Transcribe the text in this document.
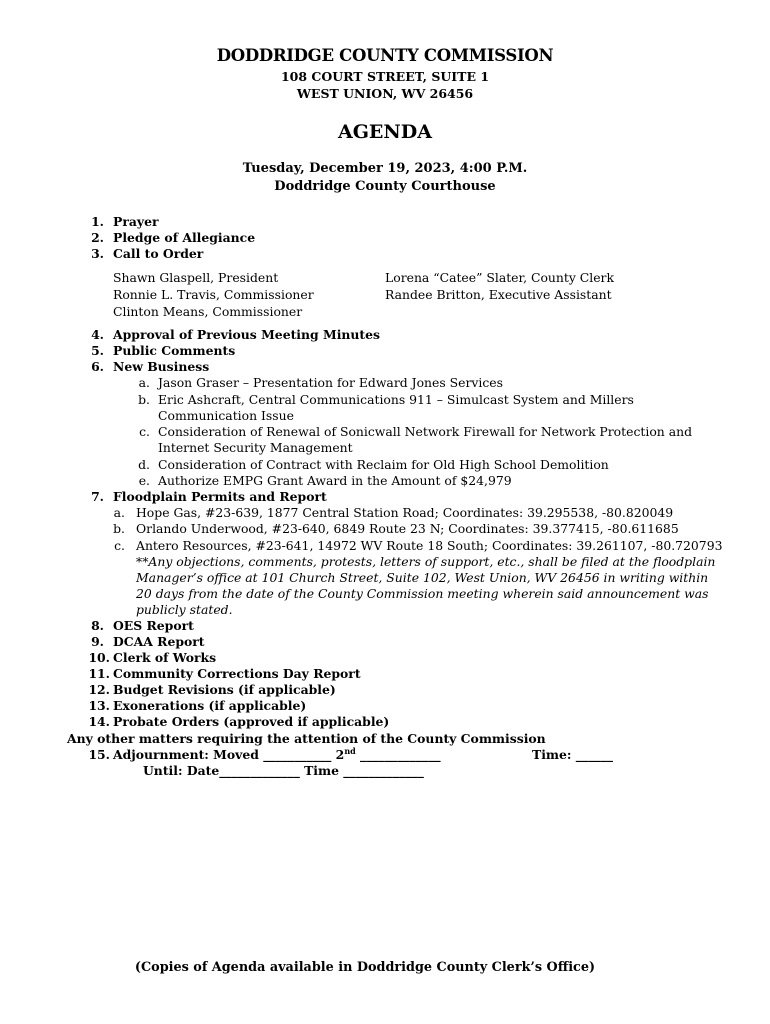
DODDRIDGE COUNTY COMMISSION
108 COURT STREET, SUITE 1
WEST UNION, WV 26456
AGENDA
Tuesday, December 19, 2023, 4:00 P.M.
Doddridge County Courthouse
1. Prayer
2. Pledge of Allegiance
3. Call to Order
Shawn Glaspell, President
Ronnie L. Travis, Commissioner
Clinton Means, Commissioner
Lorena “Catee” Slater, County Clerk
Randee Britton, Executive Assistant
4. Approval of Previous Meeting Minutes
5. Public Comments
6. New Business
a. Jason Graser – Presentation for Edward Jones Services
b. Eric Ashcraft, Central Communications 911 – Simulcast System and Millers
Communication Issue
c. Consideration of Renewal of Sonicwall Network Firewall for Network Protection and
Internet Security Management
d. Consideration of Contract with Reclaim for Old High School Demolition
e. Authorize EMPG Grant Award in the Amount of $24,979
7. Floodplain Permits and Report
a. Hope Gas, #23-639, 1877 Central Station Road; Coordinates: 39.295538, -80.820049
b. Orlando Underwood, #23-640, 6849 Route 23 N; Coordinates: 39.377415, -80.611685
c. Antero Resources, #23-641, 14972 WV Route 18 South; Coordinates: 39.261107, -80.720793
**Any objections, comments, protests, letters of support, etc., shall be filed at the floodplain
Manager’s office at 101 Church Street, Suite 102, West Union, WV 26456 in writing within
20 days from the date of the County Commission meeting wherein said announcement was
publicly stated.
8. OES Report
9. DCAA Report
10. Clerk of Works
11. Community Corrections Day Report
12. Budget Revisions (if applicable)
13. Exonerations (if applicable)
14. Probate Orders (approved if applicable)
Any other matters requiring the attention of the County Commission
15. Adjournment: Moved ___________ 2nd _____________	Time: ______
Until: Date_____________ Time _____________
(Copies of Agenda available in Doddridge County Clerk’s Office)
